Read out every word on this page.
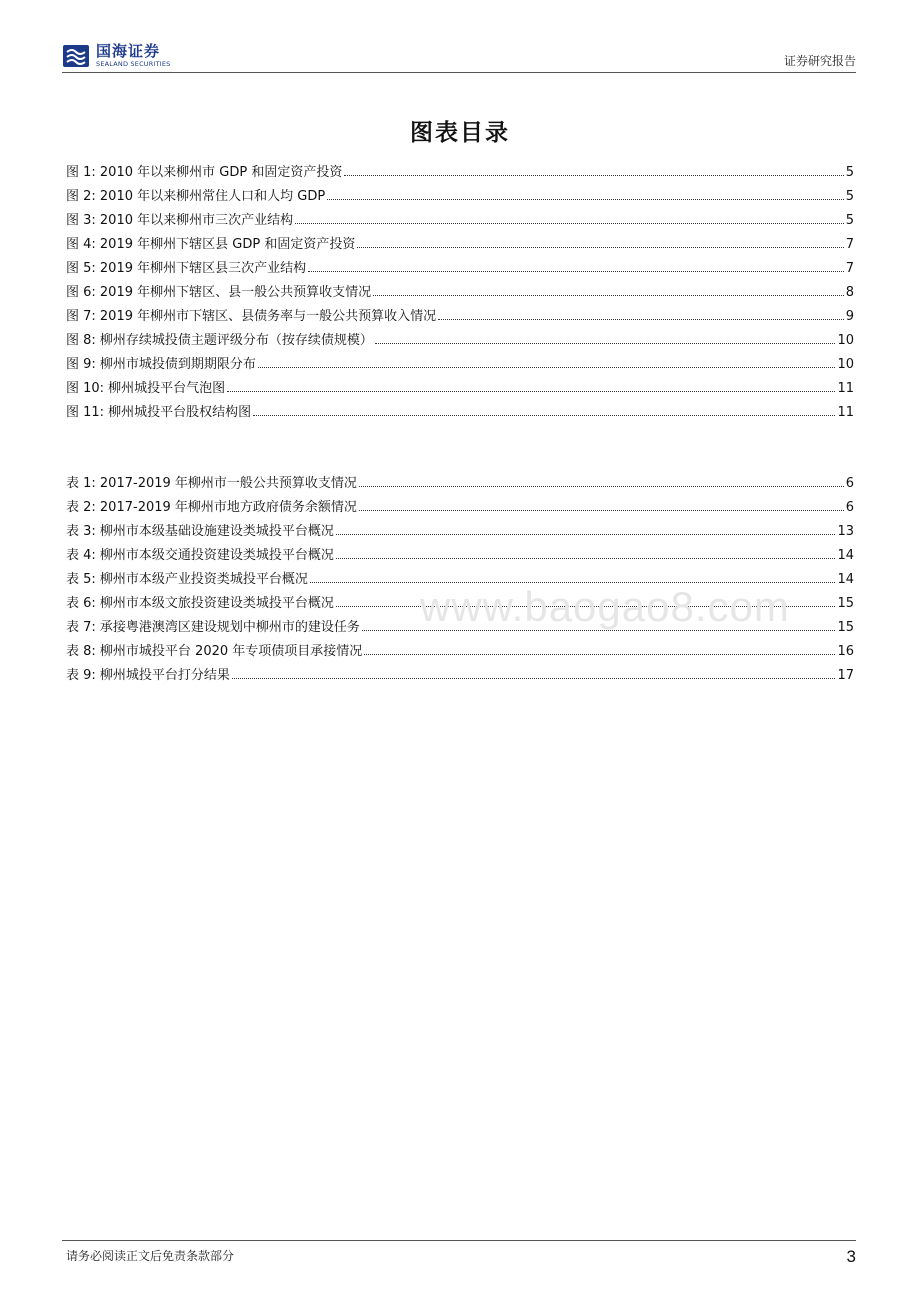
国海证券
SEALAND SECURITIES	证券研究报告
图表目录
图 1: 2010 年以来柳州市 GDP 和固定资产投资	5
图 2: 2010 年以来柳州常住人口和人均 GDP	5
图 3: 2010 年以来柳州市三次产业结构	5
图 4: 2019 年柳州下辖区县 GDP 和固定资产投资	7
图 5: 2019 年柳州下辖区县三次产业结构	7
图 6: 2019 年柳州下辖区、县一般公共预算收支情况	8
图 7: 2019 年柳州市下辖区、县债务率与一般公共预算收入情况	9
图 8: 柳州存续城投债主题评级分布（按存续债规模）	10
图 9: 柳州市城投债到期期限分布	10
图 10: 柳州城投平台气泡图	11
图 11: 柳州城投平台股权结构图	11
表 1: 2017-2019 年柳州市一般公共预算收支情况	6
表 2: 2017-2019 年柳州市地方政府债务余额情况	6
表 3: 柳州市本级基础设施建设类城投平台概况	13
表 4: 柳州市本级交通投资建设类城投平台概况	14
表 5: 柳州市本级产业投资类城投平台概况	14
表 6: 柳州市本级文旅投资建设类城投平台概况	15
表 7: 承接粤港澳湾区建设规划中柳州市的建设任务	15
表 8: 柳州市城投平台 2020 年专项债项目承接情况	16
表 9: 柳州城投平台打分结果	17
www.baogao8.com
请务必阅读正文后免责条款部分	3
